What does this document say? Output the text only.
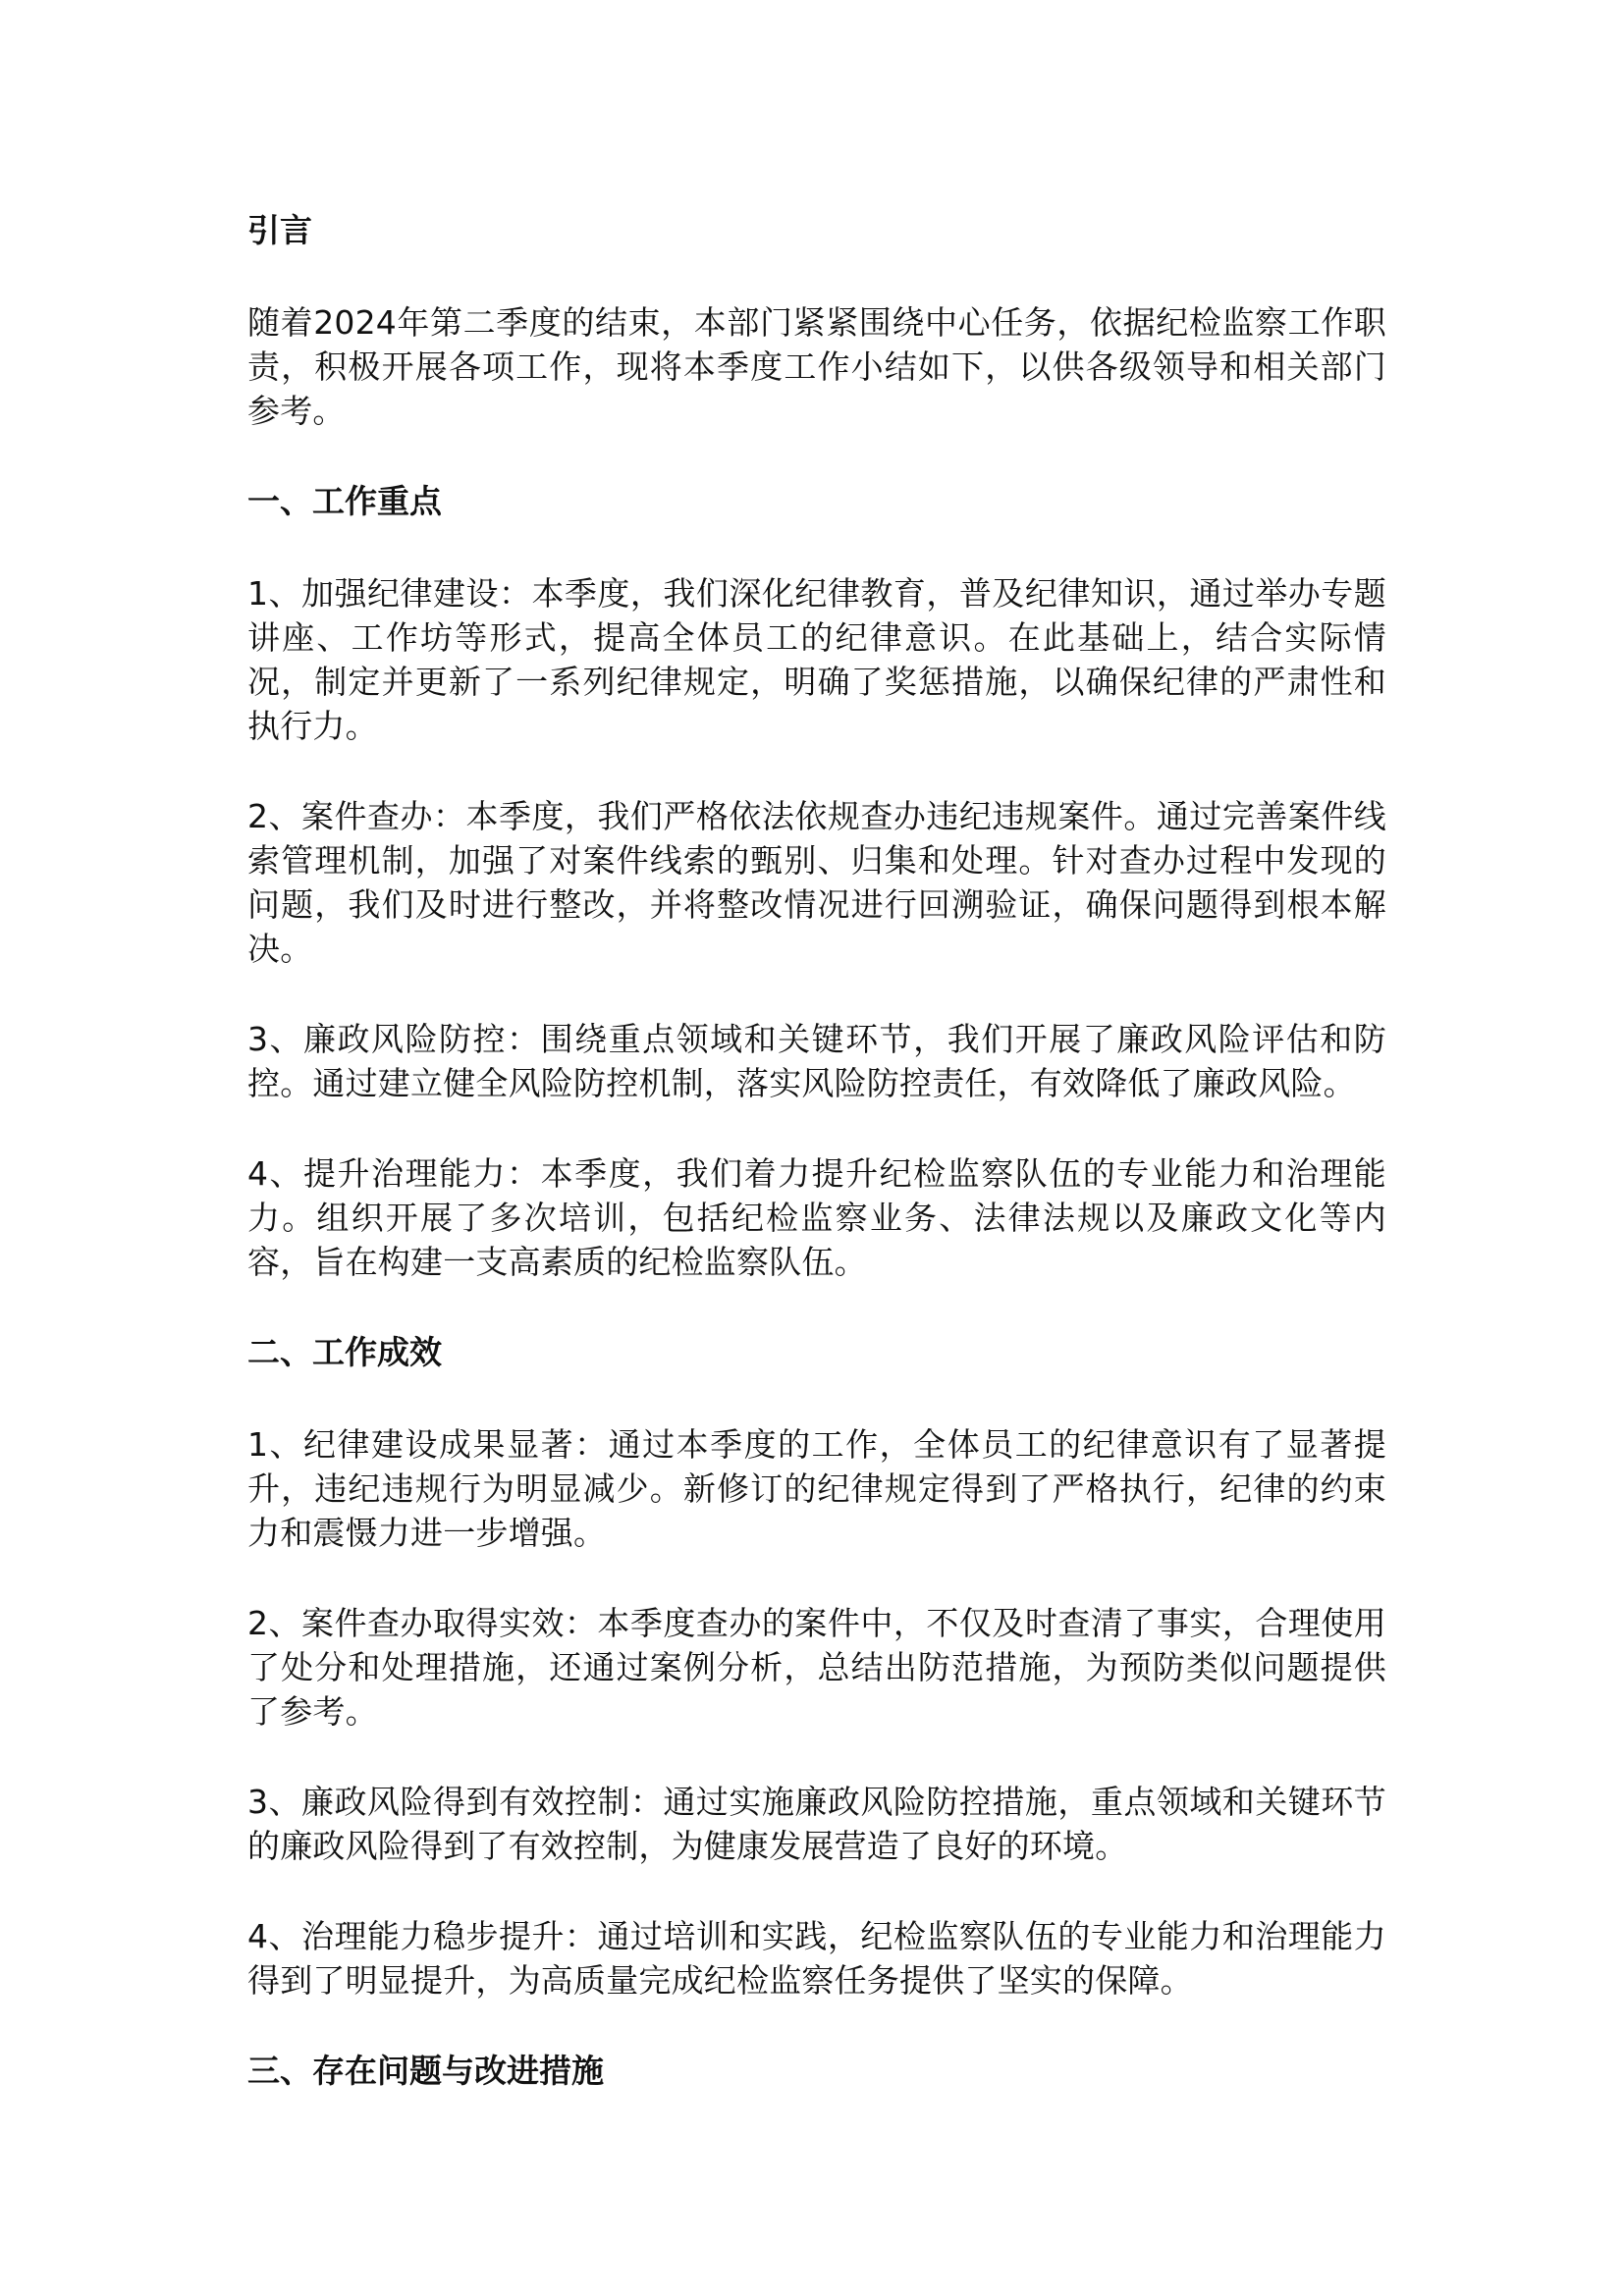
引言

随着2024年第二季度的结束，本部门紧紧围绕中心任务，依据纪检监察工作职责，积极开展各项工作，现将本季度工作小结如下，以供各级领导和相关部门参考。

一、工作重点

1、加强纪律建设：本季度，我们深化纪律教育，普及纪律知识，通过举办专题讲座、工作坊等形式，提高全体员工的纪律意识。在此基础上，结合实际情况，制定并更新了一系列纪律规定，明确了奖惩措施，以确保纪律的严肃性和执行力。

2、案件查办：本季度，我们严格依法依规查办违纪违规案件。通过完善案件线索管理机制，加强了对案件线索的甄别、归集和处理。针对查办过程中发现的问题，我们及时进行整改，并将整改情况进行回溯验证，确保问题得到根本解决。

3、廉政风险防控：围绕重点领域和关键环节，我们开展了廉政风险评估和防控。通过建立健全风险防控机制，落实风险防控责任，有效降低了廉政风险。

4、提升治理能力：本季度，我们着力提升纪检监察队伍的专业能力和治理能力。组织开展了多次培训，包括纪检监察业务、法律法规以及廉政文化等内容，旨在构建一支高素质的纪检监察队伍。

二、工作成效

1、纪律建设成果显著：通过本季度的工作，全体员工的纪律意识有了显著提升，违纪违规行为明显减少。新修订的纪律规定得到了严格执行，纪律的约束力和震慑力进一步增强。

2、案件查办取得实效：本季度查办的案件中，不仅及时查清了事实，合理使用了处分和处理措施，还通过案例分析，总结出防范措施，为预防类似问题提供了参考。

3、廉政风险得到有效控制：通过实施廉政风险防控措施，重点领域和关键环节的廉政风险得到了有效控制，为健康发展营造了良好的环境。

4、治理能力稳步提升：通过培训和实践，纪检监察队伍的专业能力和治理能力得到了明显提升，为高质量完成纪检监察任务提供了坚实的保障。

三、存在问题与改进措施
